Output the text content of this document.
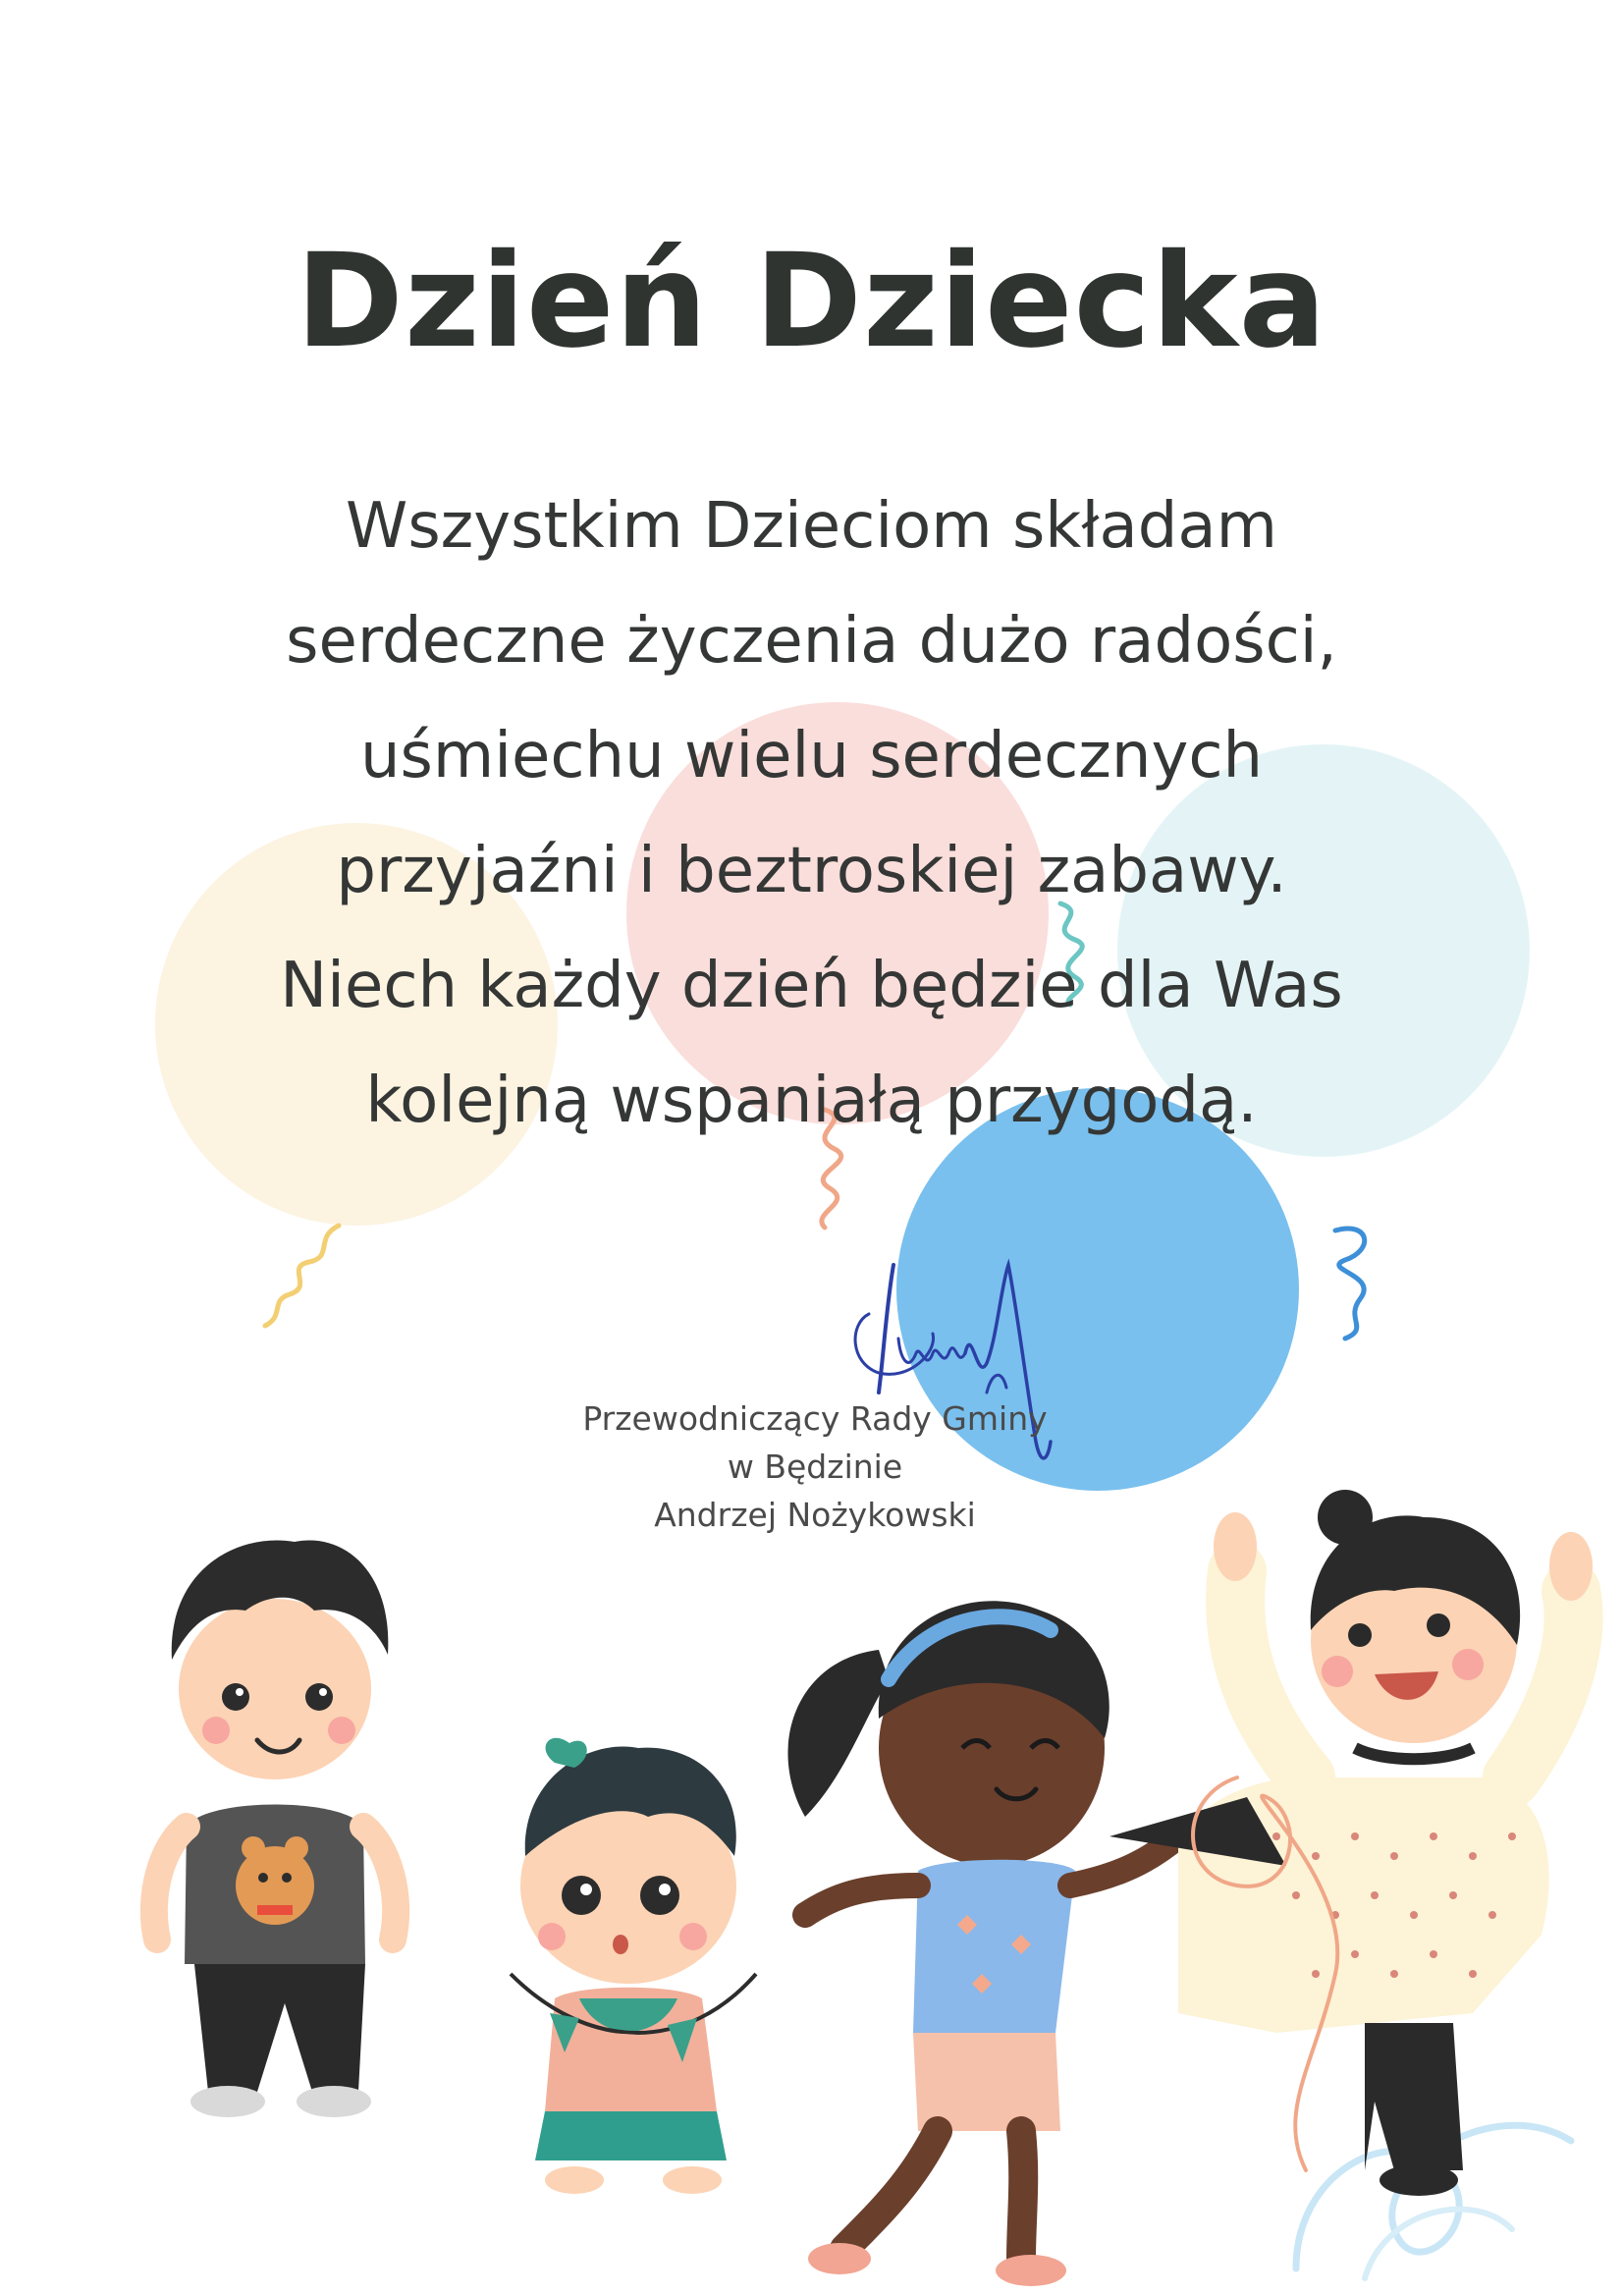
Dzień Dziecka
Wszystkim Dzieciom składam
serdeczne życzenia dużo radości,
uśmiechu wielu serdecznych
przyjaźni i beztroskiej zabawy.
Niech każdy dzień będzie dla Was
kolejną wspaniałą przygodą.
Przewodniczący Rady Gminy
w Będzinie
Andrzej Nożykowski
